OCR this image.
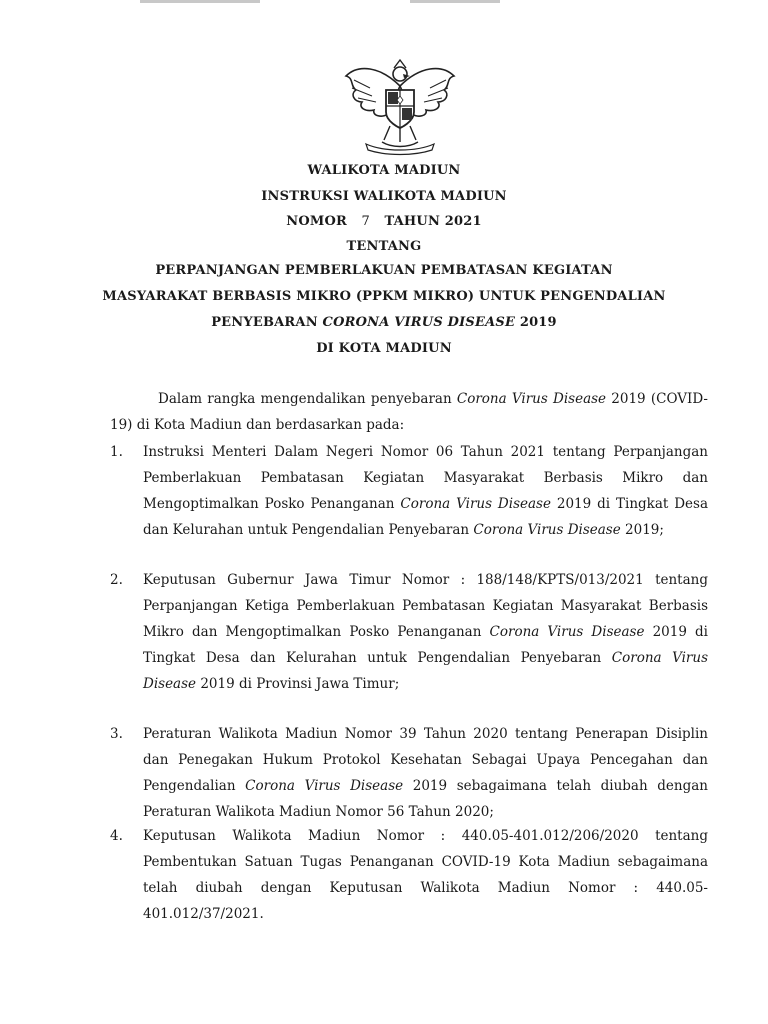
WALIKOTA MADIUN
INSTRUKSI WALIKOTA MADIUN
NOMOR 7 TAHUN 2021
TENTANG
PERPANJANGAN PEMBERLAKUAN PEMBATASAN KEGIATAN
MASYARAKAT BERBASIS MIKRO (PPKM MIKRO) UNTUK PENGENDALIAN
PENYEBARAN CORONA VIRUS DISEASE 2019
DI KOTA MADIUN
Dalam rangka mengendalikan penyebaran Corona Virus Disease 2019 (COVID-19) di Kota Madiun dan berdasarkan pada:
1.	Instruksi Menteri Dalam Negeri Nomor 06 Tahun 2021 tentang Perpanjangan Pemberlakuan Pembatasan Kegiatan Masyarakat Berbasis Mikro dan Mengoptimalkan Posko Penanganan Corona Virus Disease 2019 di Tingkat Desa dan Kelurahan untuk Pengendalian Penyebaran Corona Virus Disease 2019;
2.	Keputusan Gubernur Jawa Timur Nomor : 188/148/KPTS/013/2021 tentang Perpanjangan Ketiga Pemberlakuan Pembatasan Kegiatan Masyarakat Berbasis Mikro dan Mengoptimalkan Posko Penanganan Corona Virus Disease 2019 di Tingkat Desa dan Kelurahan untuk Pengendalian Penyebaran Corona Virus Disease 2019 di Provinsi Jawa Timur;
3.	Peraturan Walikota Madiun Nomor 39 Tahun 2020 tentang Penerapan Disiplin dan Penegakan Hukum Protokol Kesehatan Sebagai Upaya Pencegahan dan Pengendalian Corona Virus Disease 2019 sebagaimana telah diubah dengan Peraturan Walikota Madiun Nomor 56 Tahun 2020;
4.	Keputusan Walikota Madiun Nomor : 440.05-401.012/206/2020 tentang Pembentukan Satuan Tugas Penanganan COVID-19 Kota Madiun sebagaimana telah diubah dengan Keputusan Walikota Madiun Nomor : 440.05-401.012/37/2021.
